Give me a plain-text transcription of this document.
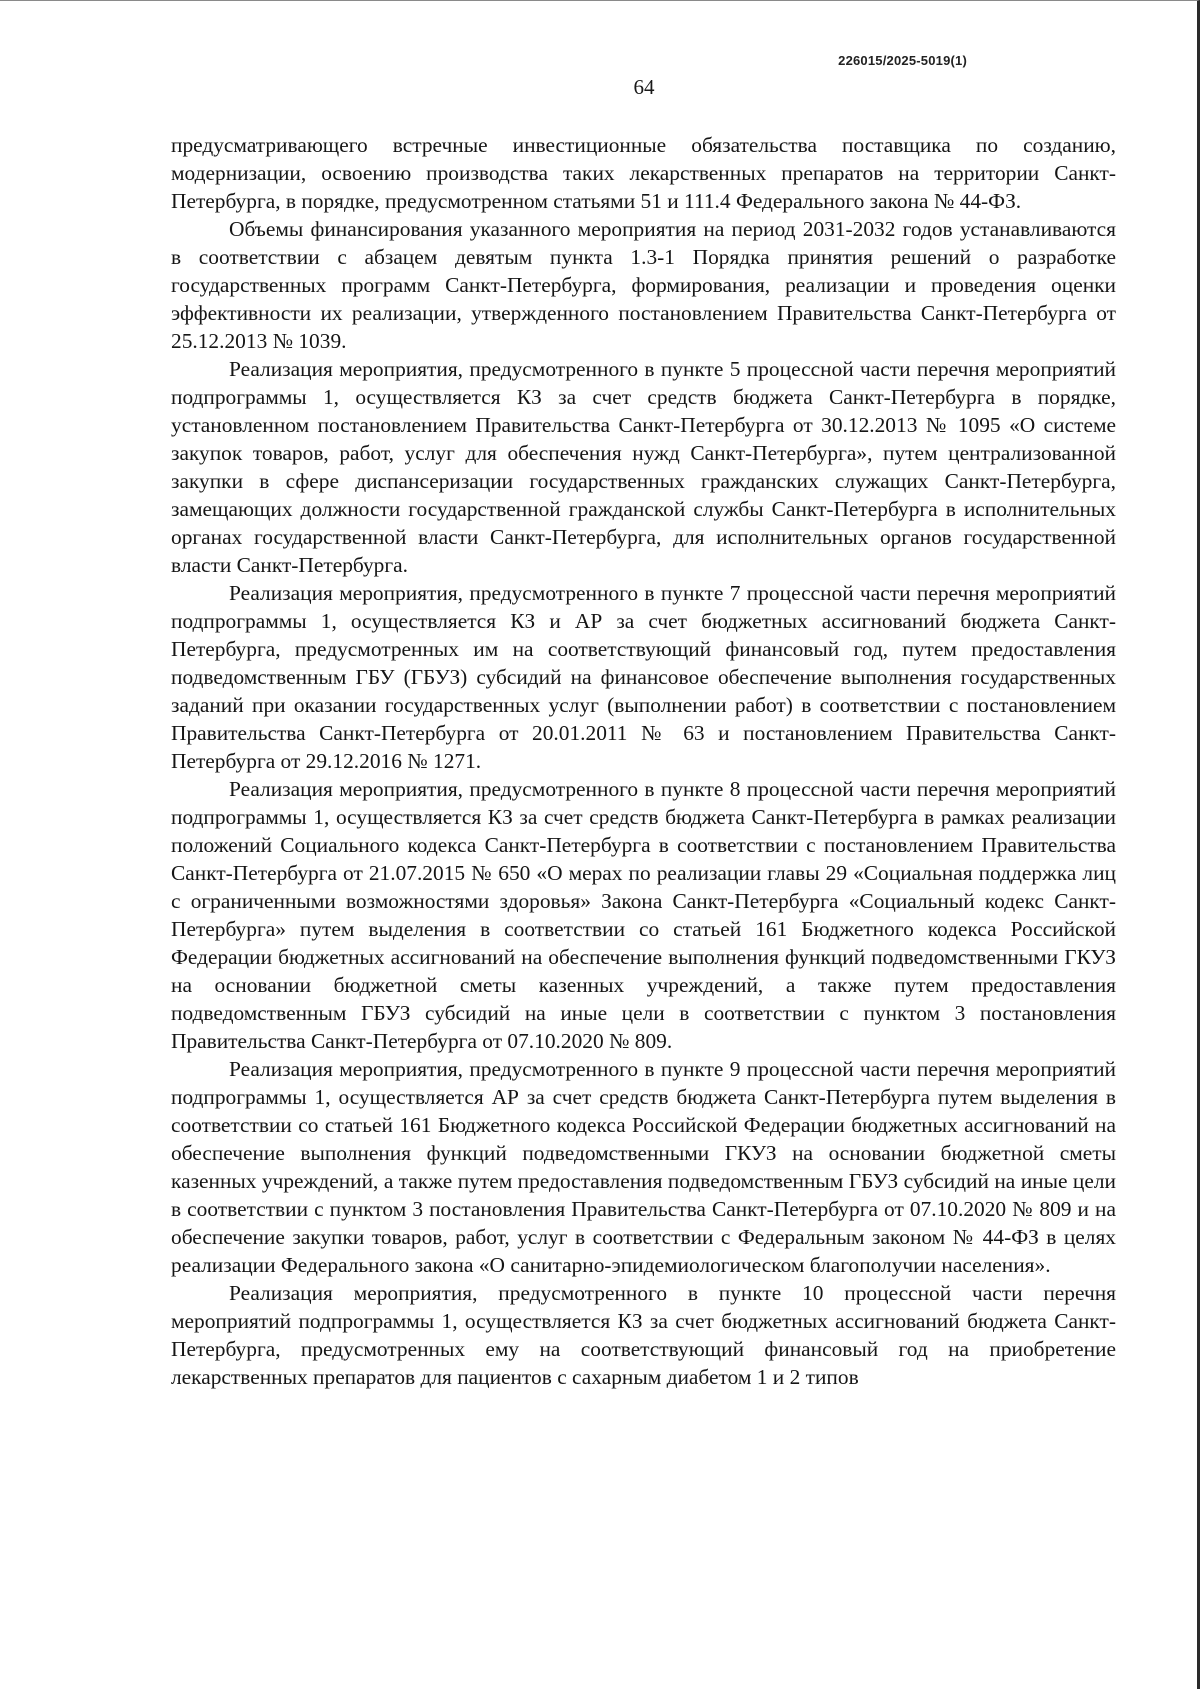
226015/2025-5019(1)
64

предусматривающего встречные инвестиционные обязательства поставщика по созданию, модернизации, освоению производства таких лекарственных препаратов на территории Санкт-Петербурга, в порядке, предусмотренном статьями 51 и 111.4 Федерального закона № 44-ФЗ.

Объемы финансирования указанного мероприятия на период 2031-2032 годов устанавливаются в соответствии с абзацем девятым пункта 1.3-1 Порядка принятия решений о разработке государственных программ Санкт-Петербурга, формирования, реализации и проведения оценки эффективности их реализации, утвержденного постановлением Правительства Санкт-Петербурга от 25.12.2013 № 1039.

Реализация мероприятия, предусмотренного в пункте 5 процессной части перечня мероприятий подпрограммы 1, осуществляется КЗ за счет средств бюджета Санкт-Петербурга в порядке, установленном постановлением Правительства Санкт-Петербурга от 30.12.2013 № 1095 «О системе закупок товаров, работ, услуг для обеспечения нужд Санкт-Петербурга», путем централизованной закупки в сфере диспансеризации государственных гражданских служащих Санкт-Петербурга, замещающих должности государственной гражданской службы Санкт-Петербурга в исполнительных органах государственной власти Санкт-Петербурга, для исполнительных органов государственной власти Санкт-Петербурга.

Реализация мероприятия, предусмотренного в пункте 7 процессной части перечня мероприятий подпрограммы 1, осуществляется КЗ и АР за счет бюджетных ассигнований бюджета Санкт-Петербурга, предусмотренных им на соответствующий финансовый год, путем предоставления подведомственным ГБУ (ГБУЗ) субсидий на финансовое обеспечение выполнения государственных заданий при оказании государственных услуг (выполнении работ) в соответствии с постановлением Правительства Санкт-Петербурга от 20.01.2011 № 63 и постановлением Правительства Санкт-Петербурга от 29.12.2016 № 1271.

Реализация мероприятия, предусмотренного в пункте 8 процессной части перечня мероприятий подпрограммы 1, осуществляется КЗ за счет средств бюджета Санкт-Петербурга в рамках реализации положений Социального кодекса Санкт-Петербурга в соответствии с постановлением Правительства Санкт-Петербурга от 21.07.2015 № 650 «О мерах по реализации главы 29 «Социальная поддержка лиц с ограниченными возможностями здоровья» Закона Санкт-Петербурга «Социальный кодекс Санкт-Петербурга» путем выделения в соответствии со статьей 161 Бюджетного кодекса Российской Федерации бюджетных ассигнований на обеспечение выполнения функций подведомственными ГКУЗ на основании бюджетной сметы казенных учреждений, а также путем предоставления подведомственным ГБУЗ субсидий на иные цели в соответствии с пунктом 3 постановления Правительства Санкт-Петербурга от 07.10.2020 № 809.

Реализация мероприятия, предусмотренного в пункте 9 процессной части перечня мероприятий подпрограммы 1, осуществляется АР за счет средств бюджета Санкт-Петербурга путем выделения в соответствии со статьей 161 Бюджетного кодекса Российской Федерации бюджетных ассигнований на обеспечение выполнения функций подведомственными ГКУЗ на основании бюджетной сметы казенных учреждений, а также путем предоставления подведомственным ГБУЗ субсидий на иные цели в соответствии с пунктом 3 постановления Правительства Санкт-Петербурга от 07.10.2020 № 809 и на обеспечение закупки товаров, работ, услуг в соответствии с Федеральным законом № 44-ФЗ в целях реализации Федерального закона «О санитарно-эпидемиологическом благополучии населения».

Реализация мероприятия, предусмотренного в пункте 10 процессной части перечня мероприятий подпрограммы 1, осуществляется КЗ за счет бюджетных ассигнований бюджета Санкт-Петербурга, предусмотренных ему на соответствующий финансовый год на приобретение лекарственных препаратов для пациентов с сахарным диабетом 1 и 2 типов
